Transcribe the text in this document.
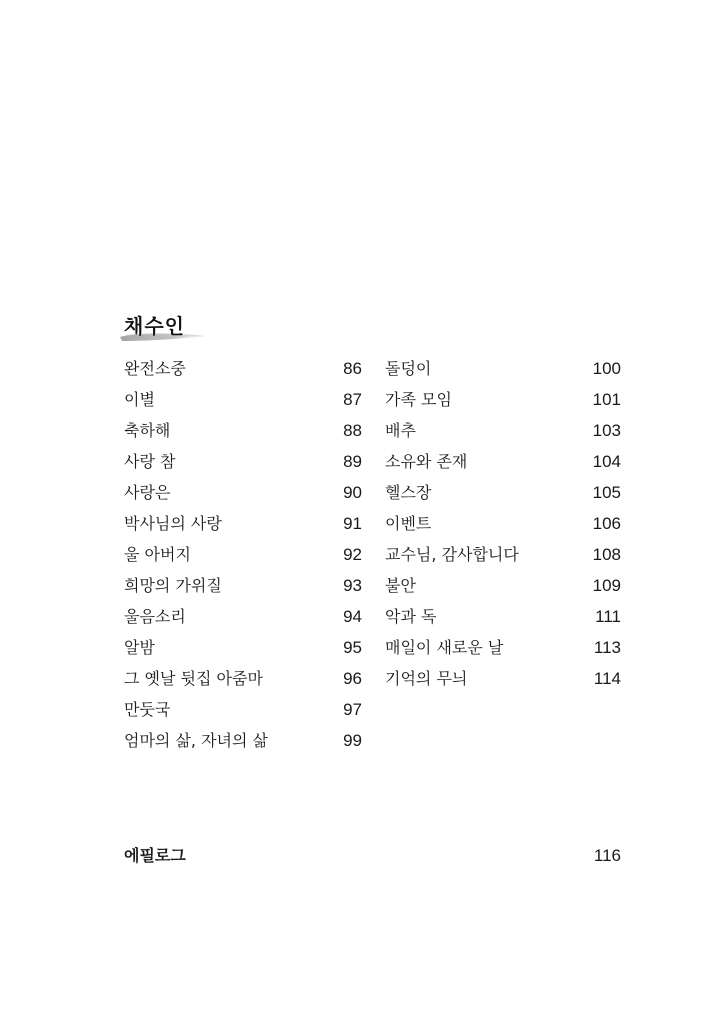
채수인
완전소중	86
이별	87
축하해	88
사랑 참	89
사랑은	90
박사님의 사랑	91
울 아버지	92
희망의 가위질	93
울음소리	94
알밤	95
그 옛날 뒷집 아줌마	96
만둣국	97
엄마의 삶, 자녀의 삶	99
돌덩이	100
가족 모임	101
배추	103
소유와 존재	104
헬스장	105
이벤트	106
교수님, 감사합니다	108
불안	109
악과 독	111
매일이 새로운 날	113
기억의 무늬	114
에필로그	116
